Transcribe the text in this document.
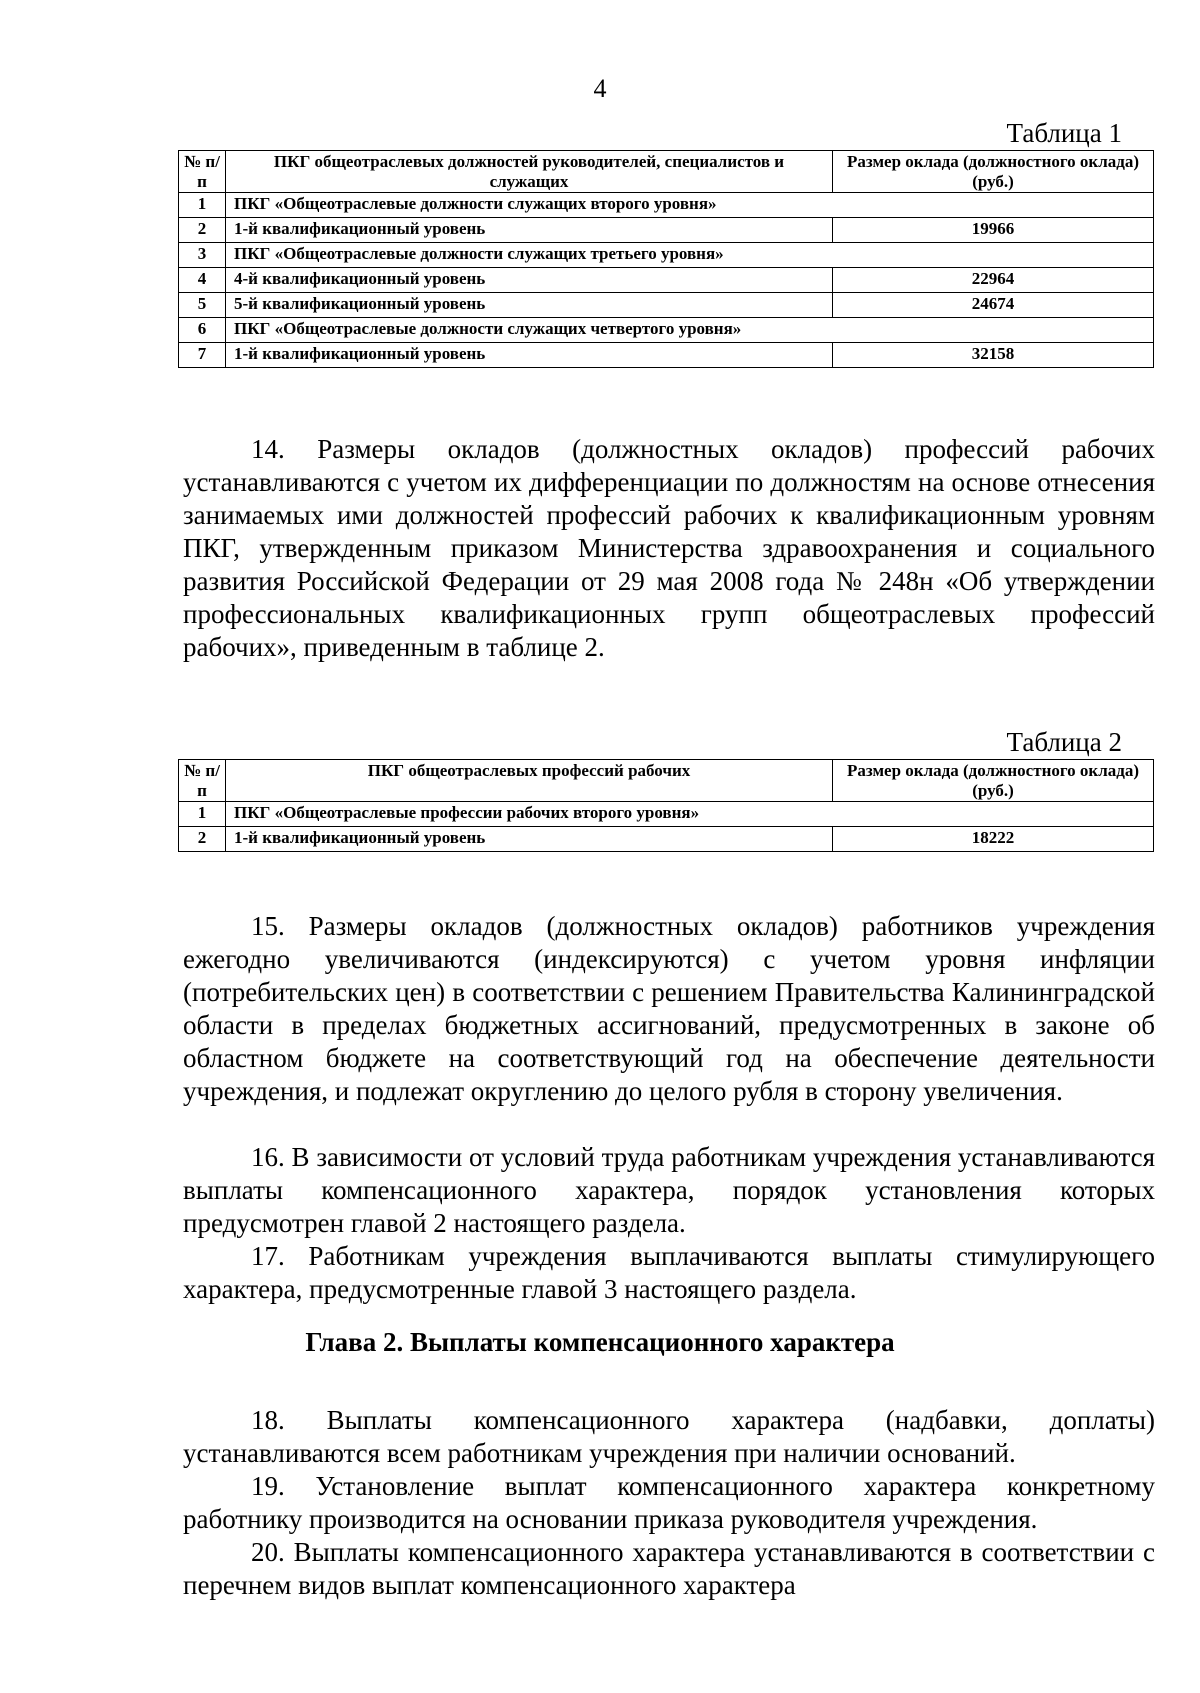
4
Таблица 1
№ п/п	ПКГ общеотраслевых должностей руководителей, специалистов и служащих	Размер оклада (должностного оклада) (руб.)
1	ПКГ «Общеотраслевые должности служащих второго уровня»	
2	1-й квалификационный уровень	19966
3	ПКГ «Общеотраслевые должности служащих третьего уровня»	
4	4-й квалификационный уровень	22964
5	5-й квалификационный уровень	24674
6	ПКГ «Общеотраслевые должности служащих четвертого уровня»	
7	1-й квалификационный уровень	32158

14. Размеры окладов (должностных окладов) профессий рабочих устанавливаются с учетом их дифференциации по должностям на основе отнесения занимаемых ими должностей профессий рабочих к квалификационным уровням ПКГ, утвержденным приказом Министерства здравоохранения и социального развития Российской Федерации от 29 мая 2008 года № 248н «Об утверждении профессиональных квалификационных групп общеотраслевых профессий рабочих», приведенным в таблице 2.

Таблица 2
№ п/п	ПКГ общеотраслевых профессий рабочих	Размер оклада (должностного оклада) (руб.)
1	ПКГ «Общеотраслевые профессии рабочих второго уровня»	
2	1-й квалификационный уровень	18222

15. Размеры окладов (должностных окладов) работников учреждения ежегодно увеличиваются (индексируются) с учетом уровня инфляции (потребительских цен) в соответствии с решением Правительства Калининградской области в пределах бюджетных ассигнований, предусмотренных в законе об областном бюджете на соответствующий год на обеспечение деятельности учреждения, и подлежат округлению до целого рубля в сторону увеличения.

16. В зависимости от условий труда работникам учреждения устанавливаются выплаты компенсационного характера, порядок установления которых предусмотрен главой 2 настоящего раздела.

17. Работникам учреждения выплачиваются выплаты стимулирующего характера, предусмотренные главой 3 настоящего раздела.

Глава 2. Выплаты компенсационного характера

18. Выплаты компенсационного характера (надбавки, доплаты) устанавливаются всем работникам учреждения при наличии оснований.

19. Установление выплат компенсационного характера конкретному работнику производится на основании приказа руководителя учреждения.

20. Выплаты компенсационного характера устанавливаются в соответствии с перечнем видов выплат компенсационного характера
